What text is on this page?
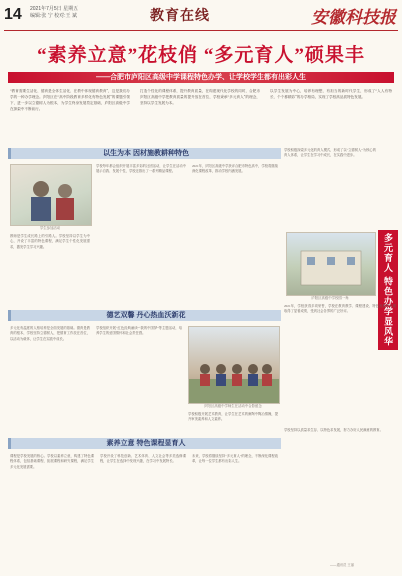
14 2021年7月5日 星期五
编辑:张 宁 校对:王 斌	教育在线	安徽科技报
“素养立意”花枝俏 “多元育人”硕果丰
——合肥市庐阳区高级中学课程特色办学、让学校学生都有出彩人生
“教育需要生活化、德育是全体生活化、在教中体现德育教育”，这是我们办学的一种办学理念。庐阳区在“高中阶段教育多样化有特色发展”的课题引领下，进一步以立德树人为根本，为学生终身发展奠定基础，庐阳区高级中学在探索中不断前行。
打造个性化的课程体系，提升教育质量，在构建现代化学校的同时，合肥市庐阳区高级中学把教育质量的提升放在首位，学校秉承“多元育人”的理念，坚持以学生发展为本。
以学生发展为中心，培养有理想、有担当的新时代学生，形成了“人人有特长、个个都精彩”的办学格局，实现了学校高品质特色发展。
以生为本 因材施教耕种特色
学生参加活动
教师是学生成长路上的引路人。学校坚持以学生为中心，开设了丰富的特色课程，满足学生个性化发展需求，激发学生学习兴趣。
学校每年都会组织开展丰富多彩的社团活动，让学生在活动中展示自我、发展个性，学校还推出了一系列精品课程。
2021年，庐阳区高级中学获评合肥市特色高中，学校将继续深化课程改革，推动学校内涵发展。
学校积极探索多元化的育人模式，形成了以“立德树人”为核心的育人体系，让学生在学习中成长，在实践中进步。
多元育人 特色办学显风华
庐阳区高级中学校园一角
2021年，学校获得多项荣誉，学校在教育教学、课程建设、特色发展等方面取得了显著成绩，受到社会各界的广泛好评。
学校坚持以质量求生存、以特色求发展，努力办好人民满意的教育。
德艺双馨 丹心热血沃新花
多元化有温度的人格培养是全面发展的基础。德育是教育的根本，学校坚持立德树人，把德育工作放在首位，以活动为载体，让学生在实践中成长。
学校组织开展“红色经典诵读”“我的中国梦”等主题活动，培养学生的爱国情怀和社会责任感。
庐阳区高级中学师生在活动中合影留念
学校积极开展艺术教育，让学生在艺术的熏陶中陶冶情操，提升审美素养和人文素养。
素养立意 特色课程显育人
课程是学校发展的核心。学校以素养立意，构建了特色课程体系，包括基础课程、拓展课程和研究课程，满足学生多元化发展需要。
学校开设了科技创新、艺术体育、人文社会等多类选修课程，让学生在选择中发现兴趣，在学习中发展特长。
未来，学校将继续坚持“多元育人”的理念，不断深化课程改革，让每一位学生都有出彩人生。
——通讯员 王丽
